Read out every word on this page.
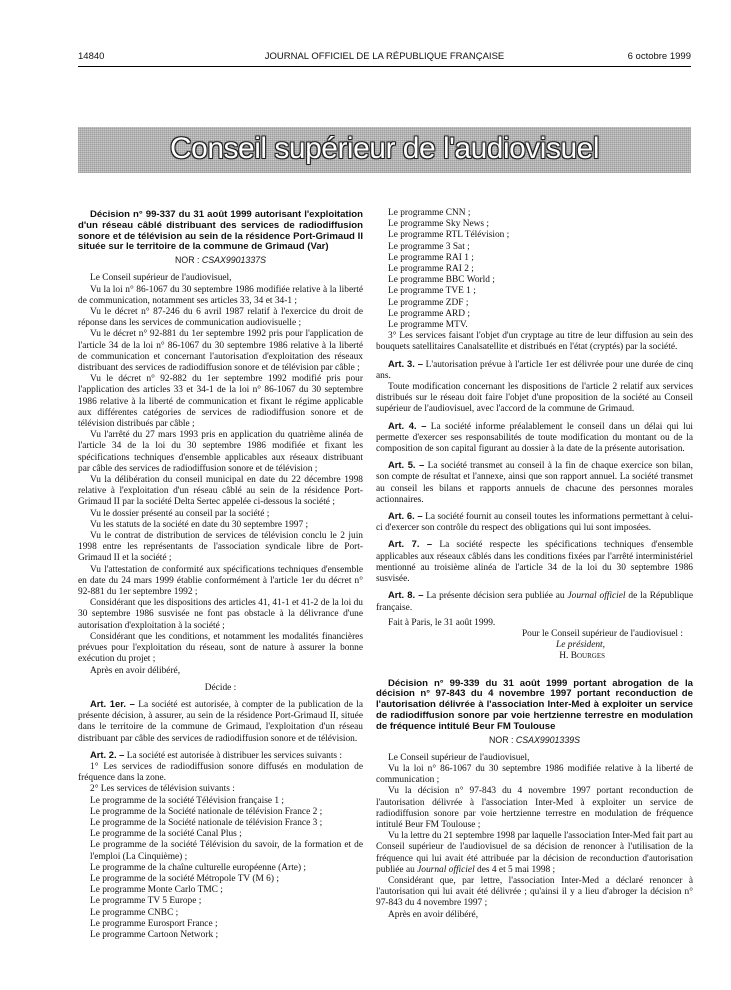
14840	JOURNAL OFFICIEL DE LA RÉPUBLIQUE FRANÇAISE	6 octobre 1999
Conseil supérieur de l'audiovisuel

Décision n° 99-337 du 31 août 1999 autorisant l'exploitation d'un réseau câblé distribuant des services de radiodiffusion sonore et de télévision au sein de la résidence Port-Grimaud II située sur le territoire de la commune de Grimaud (Var)

NOR : CSAX9901337S

Le Conseil supérieur de l'audiovisuel,

Vu la loi n° 86-1067 du 30 septembre 1986 modifiée relative à la liberté de communication, notamment ses articles 33, 34 et 34-1 ;

Vu le décret n° 87-246 du 6 avril 1987 relatif à l'exercice du droit de réponse dans les services de communication audiovisuelle ;

Vu le décret n° 92-881 du 1er septembre 1992 pris pour l'application de l'article 34 de la loi n° 86-1067 du 30 septembre 1986 relative à la liberté de communication et concernant l'autorisation d'exploitation des réseaux distribuant des services de radiodiffusion sonore et de télévision par câble ;

Vu le décret n° 92-882 du 1er septembre 1992 modifié pris pour l'application des articles 33 et 34-1 de la loi n° 86-1067 du 30 septembre 1986 relative à la liberté de communication et fixant le régime applicable aux différentes catégories de services de radiodiffusion sonore et de télévision distribués par câble ;

Vu l'arrêté du 27 mars 1993 pris en application du quatrième alinéa de l'article 34 de la loi du 30 septembre 1986 modifiée et fixant les spécifications techniques d'ensemble applicables aux réseaux distribuant par câble des services de radiodiffusion sonore et de télévision ;

Vu la délibération du conseil municipal en date du 22 décembre 1998 relative à l'exploitation d'un réseau câblé au sein de la résidence Port-Grimaud II par la société Delta Sertec appelée ci-dessous la société ;

Vu le dossier présenté au conseil par la société ;

Vu les statuts de la société en date du 30 septembre 1997 ;

Vu le contrat de distribution de services de télévision conclu le 2 juin 1998 entre les représentants de l'association syndicale libre de Port-Grimaud II et la société ;

Vu l'attestation de conformité aux spécifications techniques d'ensemble en date du 24 mars 1999 établie conformément à l'article 1er du décret n° 92-881 du 1er septembre 1992 ;

Considérant que les dispositions des articles 41, 41-1 et 41-2 de la loi du 30 septembre 1986 susvisée ne font pas obstacle à la délivrance d'une autorisation d'exploitation à la société ;

Considérant que les conditions, et notamment les modalités financières prévues pour l'exploitation du réseau, sont de nature à assurer la bonne exécution du projet ;

Après en avoir délibéré,

Décide :

Art. 1er. – La société est autorisée, à compter de la publication de la présente décision, à assurer, au sein de la résidence Port-Grimaud II, située dans le territoire de la commune de Grimaud, l'exploitation d'un réseau distribuant par câble des services de radiodiffusion sonore et de télévision.

Art. 2. – La société est autorisée à distribuer les services suivants :

1° Les services de radiodiffusion sonore diffusés en modulation de fréquence dans la zone.

2° Les services de télévision suivants :

Le programme de la société Télévision française 1 ;

Le programme de la Société nationale de télévision France 2 ;

Le programme de la Société nationale de télévision France 3 ;

Le programme de la société Canal Plus ;

Le programme de la société Télévision du savoir, de la formation et de l'emploi (La Cinquième) ;

Le programme de la chaîne culturelle européenne (Arte) ;

Le programme de la société Métropole TV (M 6) ;

Le programme Monte Carlo TMC ;

Le programme TV 5 Europe ;

Le programme CNBC ;

Le programme Eurosport France ;

Le programme Cartoon Network ;

Le programme CNN ;

Le programme Sky News ;

Le programme RTL Télévision ;

Le programme 3 Sat ;

Le programme RAI 1 ;

Le programme RAI 2 ;

Le programme BBC World ;

Le programme TVE 1 ;

Le programme ZDF ;

Le programme ARD ;

Le programme MTV.

3° Les services faisant l'objet d'un cryptage au titre de leur diffusion au sein des bouquets satellitaires Canalsatellite et distribués en l'état (cryptés) par la société.

Art. 3. – L'autorisation prévue à l'article 1er est délivrée pour une durée de cinq ans.

Toute modification concernant les dispositions de l'article 2 relatif aux services distribués sur le réseau doit faire l'objet d'une proposition de la société au Conseil supérieur de l'audiovisuel, avec l'accord de la commune de Grimaud.

Art. 4. – La société informe préalablement le conseil dans un délai qui lui permette d'exercer ses responsabilités de toute modification du montant ou de la composition de son capital figurant au dossier à la date de la présente autorisation.

Art. 5. – La société transmet au conseil à la fin de chaque exercice son bilan, son compte de résultat et l'annexe, ainsi que son rapport annuel. La société transmet au conseil les bilans et rapports annuels de chacune des personnes morales actionnaires.

Art. 6. – La société fournit au conseil toutes les informations permettant à celui-ci d'exercer son contrôle du respect des obligations qui lui sont imposées.

Art. 7. – La société respecte les spécifications techniques d'ensemble applicables aux réseaux câblés dans les conditions fixées par l'arrêté interministériel mentionné au troisième alinéa de l'article 34 de la loi du 30 septembre 1986 susvisée.

Art. 8. – La présente décision sera publiée au Journal officiel de la République française.

Fait à Paris, le 31 août 1999.

Pour le Conseil supérieur de l'audiovisuel :

Le président,

H. Bourges

Décision n° 99-339 du 31 août 1999 portant abrogation de la décision n° 97-843 du 4 novembre 1997 portant reconduction de l'autorisation délivrée à l'association Inter-Med à exploiter un service de radiodiffusion sonore par voie hertzienne terrestre en modulation de fréquence intitulé Beur FM Toulouse

NOR : CSAX9901339S

Le Conseil supérieur de l'audiovisuel,

Vu la loi n° 86-1067 du 30 septembre 1986 modifiée relative à la liberté de communication ;

Vu la décision n° 97-843 du 4 novembre 1997 portant reconduction de l'autorisation délivrée à l'association Inter-Med à exploiter un service de radiodiffusion sonore par voie hertzienne terrestre en modulation de fréquence intitulé Beur FM Toulouse ;

Vu la lettre du 21 septembre 1998 par laquelle l'association Inter-Med fait part au Conseil supérieur de l'audiovisuel de sa décision de renoncer à l'utilisation de la fréquence qui lui avait été attribuée par la décision de reconduction d'autorisation publiée au Journal officiel des 4 et 5 mai 1998 ;

Considérant que, par lettre, l'association Inter-Med a déclaré renoncer à l'autorisation qui lui avait été délivrée ; qu'ainsi il y a lieu d'abroger la décision n° 97-843 du 4 novembre 1997 ;

Après en avoir délibéré,
